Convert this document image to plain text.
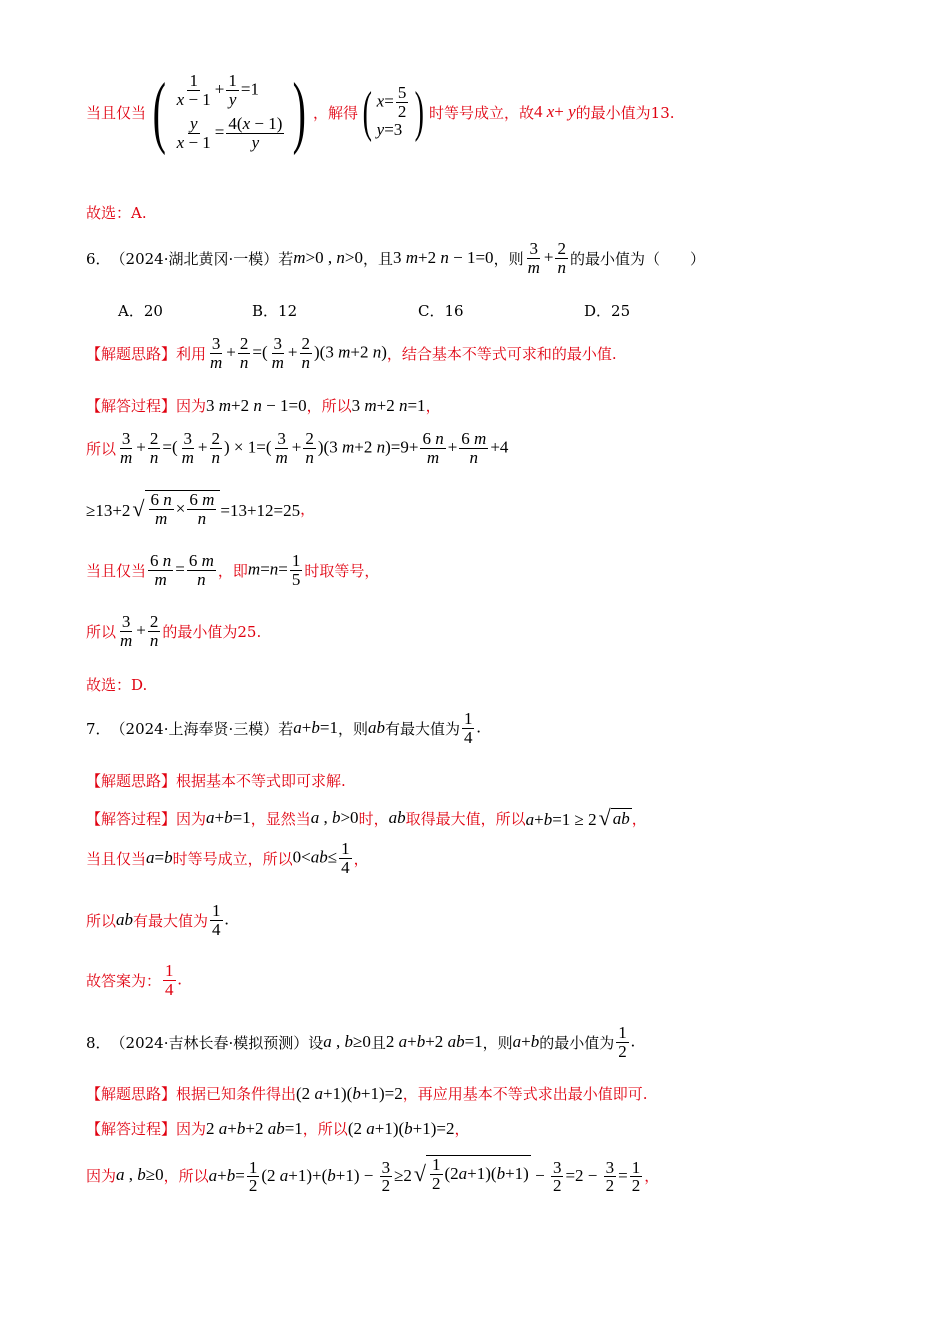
当且仅当 ( $\frac{1}{x - 1} + \frac{1}{y} =1$
$\frac{y}{x - 1} = \frac{4(x - 1)}{y}$ ) ，解得 ( $x= \frac{5}{2}$
y=3 ) 时等号成立，故 4 x+ y 的最小值为13.
故选：A.
6． （2024·湖北黄冈·一模）若 m>0 , n>0 ，且 3 m+2 n − 1=0 ，则 $\frac{3}{m} + \frac{2}{n}$ 的最小值为（　　）
A．20	B．12	C．16	D．25
【解题思路】利用 $\frac{3}{m} + \frac{2}{n}$ =( $\frac{3}{m} + \frac{2}{n} )(3$ m+2 n) ，结合基本不等式可求和的最小值.
【解答过程】因为 3 m+2 n − 1=0 ，所以 3 m+2 n=1 ，
所以 $\frac{3}{m} + \frac{2}{n}$ =( $\frac{3}{m} + \frac{2}{n}$ ) × $1=( \frac{3}{m} + \frac{2}{n} )(3$ m+2 $n)=9+ \frac{6 n}{m} + \frac{6 m}{n} +4$
≥13+2 √ $\frac{6 n}{m} \times \frac{6 m}{n} =13+12=25$ ，
当且仅当 $\frac{6 n}{m} = \frac{6 m}{n}$ ，即 $m=n= \frac{1}{5}$ 时取等号，
所以 $\frac{3}{m} + \frac{2}{n}$ 的最小值为25.
故选：D.
7． （2024·上海奉贤·三模）若 a+b=1 ，则 ab 有最大值为 $\frac{1}{4}$ .
【解题思路】根据基本不等式即可求解.
【解答过程】因为 a+b=1 ，显然当 a , b>0 时， ab 取得最大值，所以 a+b=1 ≥ 2 √ ab ，
当且仅当 a=b 时等号成立，所以 $0<ab\le \frac{1}{4}$ ，
所以 ab 有最大值为 $\frac{1}{4}$ .
故答案为： $\frac{1}{4}$ .
8． （2024·吉林长春·模拟预测）设 a , b≥0 且 2 a+b+2 ab=1 ，则 a+b 的最小值为 $\frac{1}{2}$ .
【解题思路】根据已知条件得出 (2 a+1)(b+1)=2 ，再应用基本不等式求出最小值即可.
【解答过程】因为 2 a+b+2 ab=1 ，所以 (2 a+1)(b+1)=2 ，
因为 a , b≥0 ，所以 $a+b= \frac{1}{2} (2$ $a+1)+(b+1) - \frac{3}{2} \ge 2$ √ $\frac{1}{2} (2$ a +1)( $b +1) - \frac{3}{2} =2 - \frac{3}{2} = \frac{1}{2}$ ，
